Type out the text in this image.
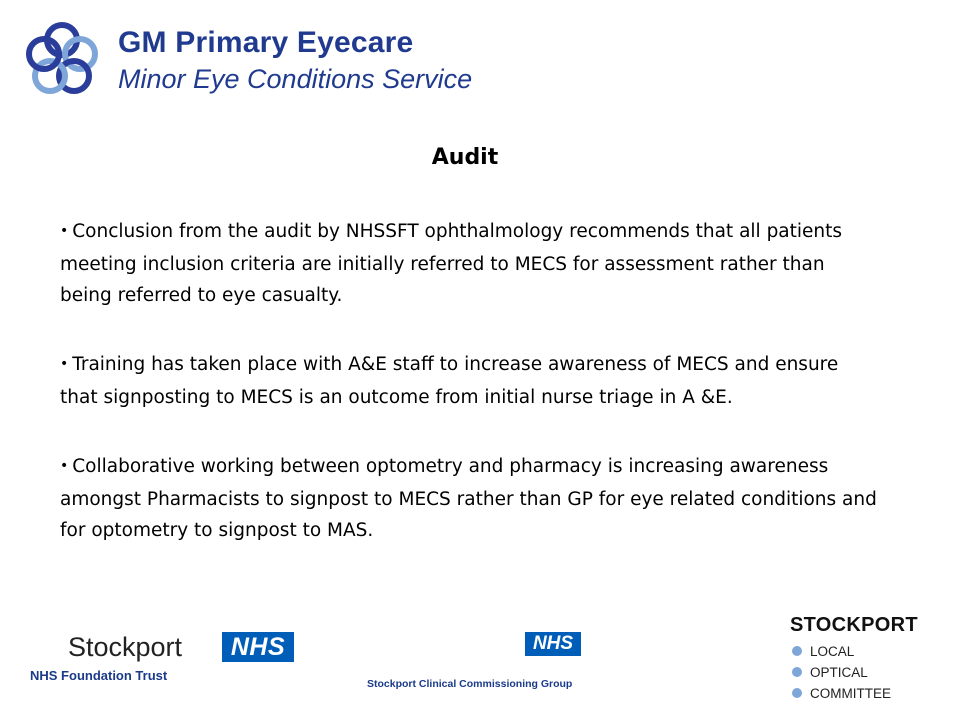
GM Primary Eyecare
Minor Eye Conditions Service
Audit

• Conclusion from the audit by NHSSFT ophthalmology recommends that all patients meeting inclusion criteria are initially referred to MECS for assessment rather than being referred to eye casualty.

• Training has taken place with A&E staff to increase awareness of MECS and ensure that signposting to MECS is an outcome from initial nurse triage in A &E.

• Collaborative working between optometry and pharmacy is increasing awareness amongst Pharmacists to signpost to MECS rather than GP for eye related conditions and for optometry to signpost to MAS.

Stockport	NHS
NHS Foundation Trust
NHS
Stockport Clinical Commissioning Group
STOCKPORT
LOCAL
OPTICAL
COMMITTEE
